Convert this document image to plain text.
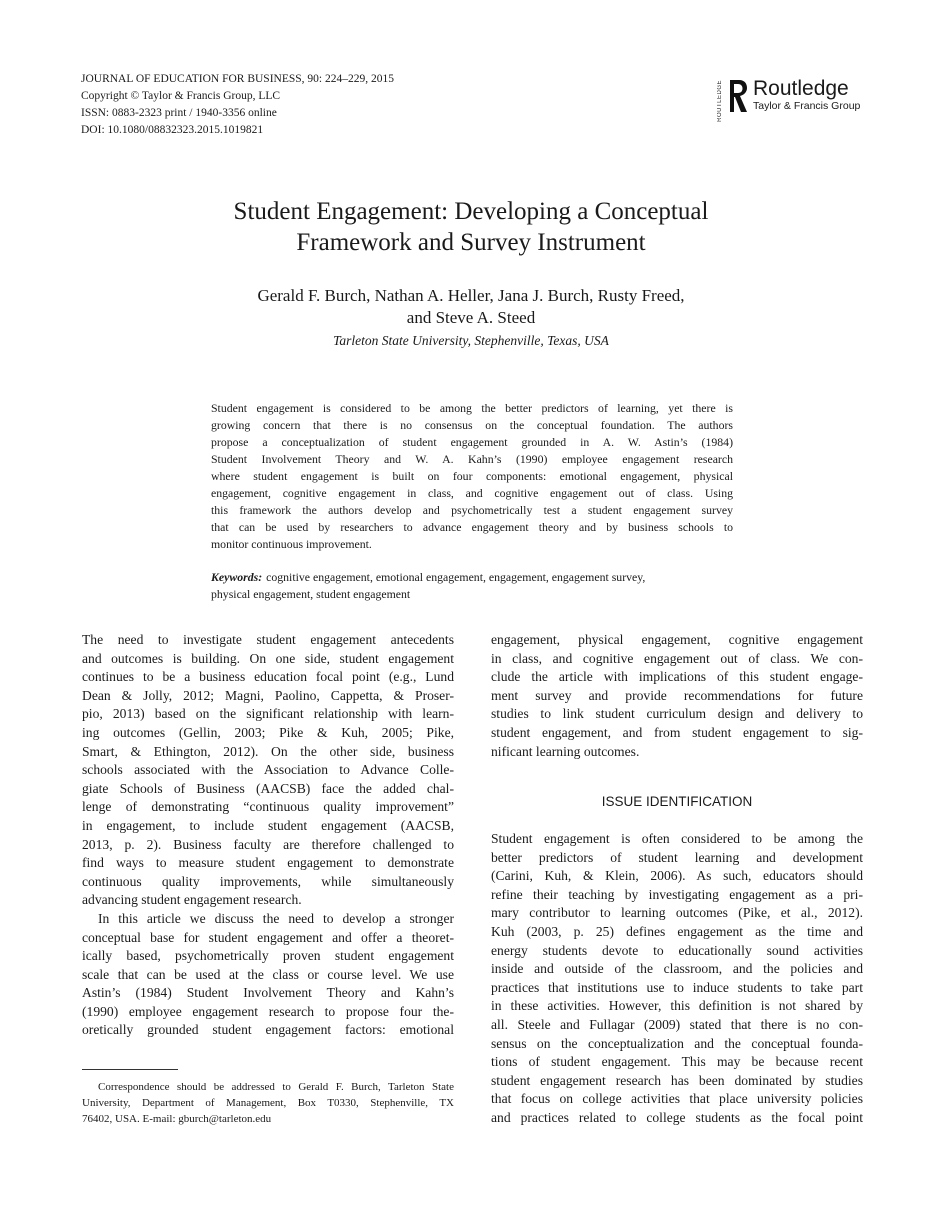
JOURNAL OF EDUCATION FOR BUSINESS, 90: 224–229, 2015
Copyright © Taylor & Francis Group, LLC
ISSN: 0883-2323 print / 1940-3356 online
DOI: 10.1080/08832323.2015.1019821
ROUTLEDGE Routledge
Taylor & Francis Group
Student Engagement: Developing a Conceptual
Framework and Survey Instrument
Gerald F. Burch, Nathan A. Heller, Jana J. Burch, Rusty Freed,
and Steve A. Steed
Tarleton State University, Stephenville, Texas, USA
Student engagement is considered to be among the better predictors of learning, yet there is
growing concern that there is no consensus on the conceptual foundation. The authors
propose a conceptualization of student engagement grounded in A. W. Astin’s (1984)
Student Involvement Theory and W. A. Kahn’s (1990) employee engagement research
where student engagement is built on four components: emotional engagement, physical
engagement, cognitive engagement in class, and cognitive engagement out of class. Using
this framework the authors develop and psychometrically test a student engagement survey
that can be used by researchers to advance engagement theory and by business schools to
monitor continuous improvement.
Keywords: cognitive engagement, emotional engagement, engagement, engagement survey,
physical engagement, student engagement
The need to investigate student engagement antecedents
and outcomes is building. On one side, student engagement
continues to be a business education focal point (e.g., Lund
Dean & Jolly, 2012; Magni, Paolino, Cappetta, & Proser-
pio, 2013) based on the significant relationship with learn-
ing outcomes (Gellin, 2003; Pike & Kuh, 2005; Pike,
Smart, & Ethington, 2012). On the other side, business
schools associated with the Association to Advance Colle-
giate Schools of Business (AACSB) face the added chal-
lenge of demonstrating “continuous quality improvement”
in engagement, to include student engagement (AACSB,
2013, p. 2). Business faculty are therefore challenged to
find ways to measure student engagement to demonstrate
continuous quality improvements, while simultaneously
advancing student engagement research.
In this article we discuss the need to develop a stronger
conceptual base for student engagement and offer a theoret-
ically based, psychometrically proven student engagement
scale that can be used at the class or course level. We use
Astin’s (1984) Student Involvement Theory and Kahn’s
(1990) employee engagement research to propose four the-
oretically grounded student engagement factors: emotional
engagement, physical engagement, cognitive engagement
in class, and cognitive engagement out of class. We con-
clude the article with implications of this student engage-
ment survey and provide recommendations for future
studies to link student curriculum design and delivery to
student engagement, and from student engagement to sig-
nificant learning outcomes.
ISSUE IDENTIFICATION
Student engagement is often considered to be among the
better predictors of student learning and development
(Carini, Kuh, & Klein, 2006). As such, educators should
refine their teaching by investigating engagement as a pri-
mary contributor to learning outcomes (Pike, et al., 2012).
Kuh (2003, p. 25) defines engagement as the time and
energy students devote to educationally sound activities
inside and outside of the classroom, and the policies and
practices that institutions use to induce students to take part
in these activities. However, this definition is not shared by
all. Steele and Fullagar (2009) stated that there is no con-
sensus on the conceptualization and the conceptual founda-
tions of student engagement. This may be because recent
student engagement research has been dominated by studies
that focus on college activities that place university policies
and practices related to college students as the focal point
Correspondence should be addressed to Gerald F. Burch, Tarleton State
University, Department of Management, Box T0330, Stephenville, TX
76402, USA. E-mail: gburch@tarleton.edu
